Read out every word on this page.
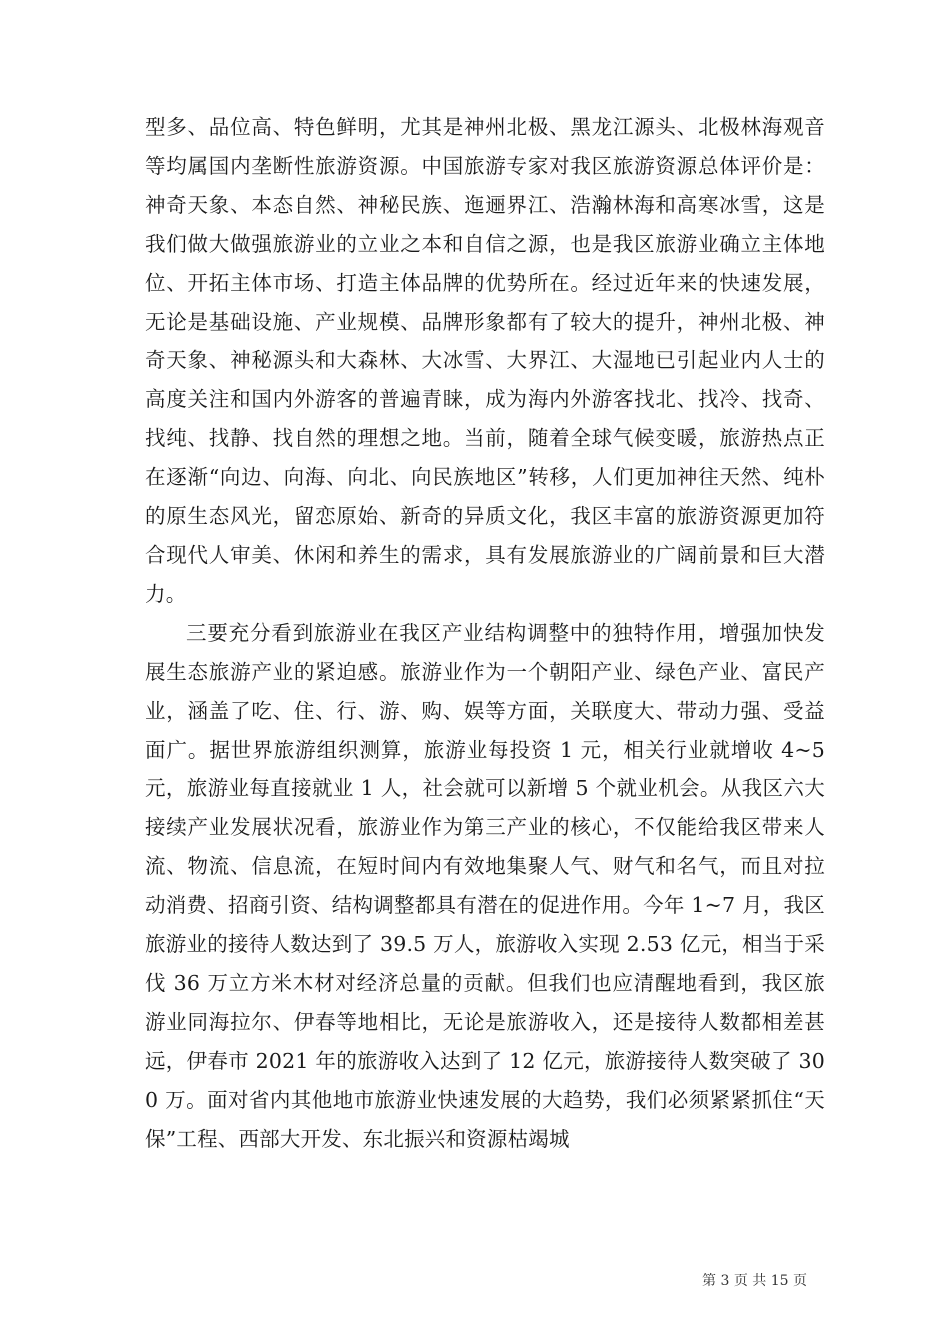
型多、品位高、特色鲜明，尤其是神州北极、黑龙江源头、北极林海观音等均属国内垄断性旅游资源。中国旅游专家对我区旅游资源总体评价是：神奇天象、本态自然、神秘民族、迤逦界江、浩瀚林海和高寒冰雪，这是我们做大做强旅游业的立业之本和自信之源，也是我区旅游业确立主体地位、开拓主体市场、打造主体品牌的优势所在。经过近年来的快速发展，无论是基础设施、产业规模、品牌形象都有了较大的提升，神州北极、神奇天象、神秘源头和大森林、大冰雪、大界江、大湿地已引起业内人士的高度关注和国内外游客的普遍青睐，成为海内外游客找北、找冷、找奇、找纯、找静、找自然的理想之地。当前，随着全球气候变暖，旅游热点正在逐渐“向边、向海、向北、向民族地区”转移，人们更加神往天然、纯朴的原生态风光，留恋原始、新奇的异质文化，我区丰富的旅游资源更加符合现代人审美、休闲和养生的需求，具有发展旅游业的广阔前景和巨大潜力。

三要充分看到旅游业在我区产业结构调整中的独特作用，增强加快发展生态旅游产业的紧迫感。旅游业作为一个朝阳产业、绿色产业、富民产业，涵盖了吃、住、行、游、购、娱等方面，关联度大、带动力强、受益面广。据世界旅游组织测算，旅游业每投资 1 元，相关行业就增收 4~5 元，旅游业每直接就业 1 人，社会就可以新增 5 个就业机会。从我区六大接续产业发展状况看，旅游业作为第三产业的核心，不仅能给我区带来人流、物流、信息流，在短时间内有效地集聚人气、财气和名气，而且对拉动消费、招商引资、结构调整都具有潜在的促进作用。今年 1~7 月，我区旅游业的接待人数达到了 39.5 万人，旅游收入实现 2.53 亿元，相当于采伐 36 万立方米木材对经济总量的贡献。但我们也应清醒地看到，我区旅游业同海拉尔、伊春等地相比，无论是旅游收入，还是接待人数都相差甚远，伊春市 2021 年的旅游收入达到了 12 亿元，旅游接待人数突破了 300 万。面对省内其他地市旅游业快速发展的大趋势，我们必须紧紧抓住“天保”工程、西部大开发、东北振兴和资源枯竭城

第 3 页 共 15 页
